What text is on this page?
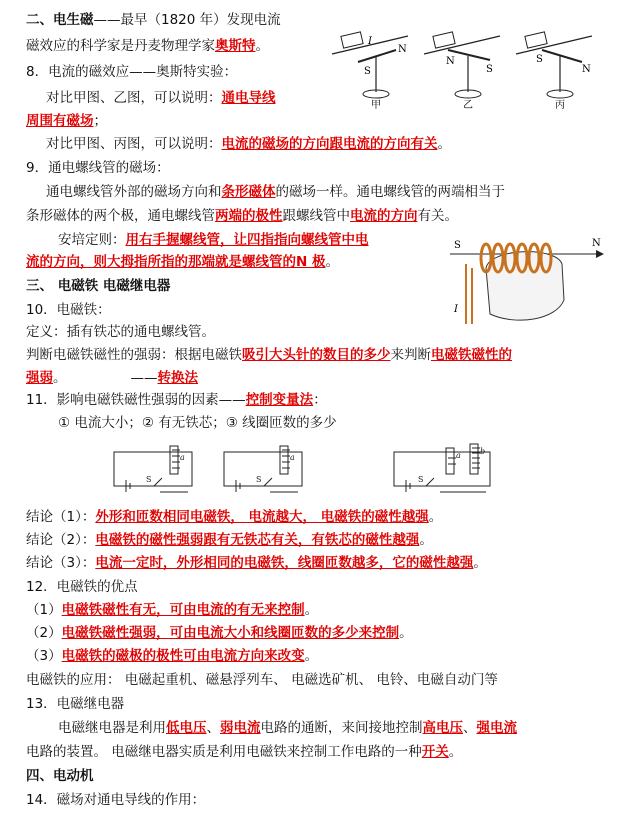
二、电生磁——最早（1820 年）发现电流
磁效应的科学家是丹麦物理学家奥斯特。
8．电流的磁效应——奥斯特实验：
对比甲图、乙图，可以说明：通电导线
周围有磁场；
对比甲图、丙图，可以说明：电流的磁场的方向跟电流的方向有关。
S
N
I
甲
N
S
乙
S
N
丙
9．通电螺线管的磁场：
通电螺线管外部的磁场方向和条形磁体的磁场一样。通电螺线管的两端相当于
条形磁体的两个极，通电螺线管两端的极性跟螺线管中电流的方向有关。
安培定则：用右手握螺线管，让四指指向螺线管中电
流的方向，则大拇指所指的那端就是螺线管的N 极。
S	N
I
三、 电磁铁 电磁继电器
10．电磁铁：
定义：插有铁芯的通电螺线管。
判断电磁铁磁性的强弱：根据电磁铁吸引大头针的数目的多少来判断电磁铁磁性的
强弱。	——转换法
11．影响电磁铁磁性强弱的因素——控制变量法：
① 电流大小；② 有无铁芯；③ 线圈匝数的多少
S
a
S
a
S
a b
结论（1）：外形和匝数相同电磁铁， 电流越大， 电磁铁的磁性越强。
结论（2）：电磁铁的磁性强弱跟有无铁芯有关，有铁芯的磁性越强。
结论（3）：电流一定时，外形相同的电磁铁，线圈匝数越多，它的磁性越强。
12．电磁铁的优点
（1）电磁铁磁性有无，可由电流的有无来控制。
（2）电磁铁磁性强弱，可由电流大小和线圈匝数的多少来控制。
（3）电磁铁的磁极的极性可由电流方向来改变。
电磁铁的应用： 电磁起重机、磁悬浮列车、 电磁选矿机、 电铃、电磁自动门等
13．电磁继电器
电磁继电器是利用低电压、弱电流电路的通断，来间接地控制高电压、强电流
电路的装置。 电磁继电器实质是利用电磁铁来控制工作电路的一种开关。
四、电动机
14．磁场对通电导线的作用：
